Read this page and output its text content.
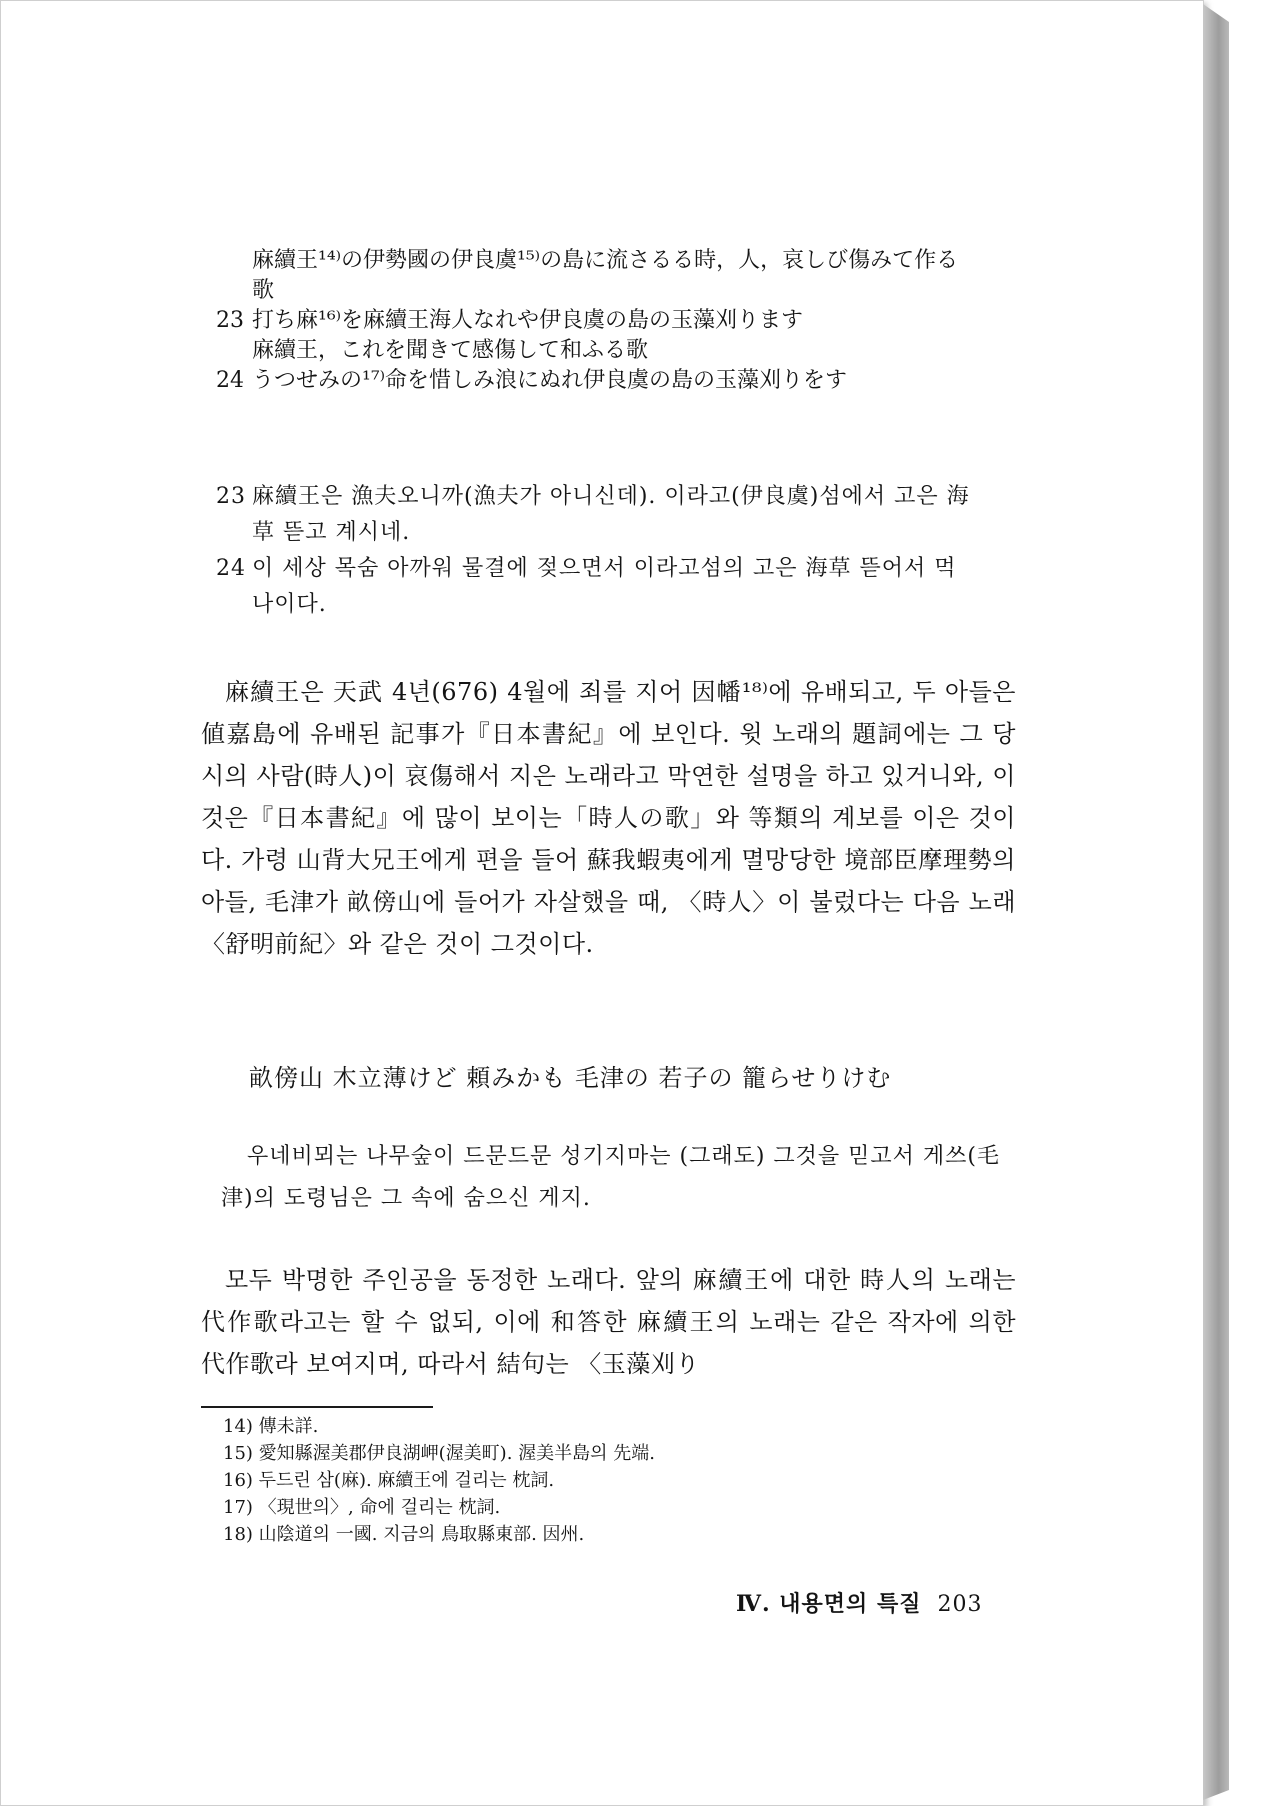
麻續王¹⁴⁾の伊勢國の伊良虞¹⁵⁾の島に流さるる時，人，哀しび傷みて作る
歌
23 打ち麻¹⁶⁾を麻續王海人なれや伊良虞の島の玉藻刈ります
麻續王，これを聞きて感傷して和ふる歌
24 うつせみの¹⁷⁾命を惜しみ浪にぬれ伊良虞の島の玉藻刈りをす
23 麻續王은 漁夫오니까(漁夫가 아니신데). 이라고(伊良虞)섬에서 고은 海
草 뜯고 계시네.
24 이 세상 목숨 아까워 물결에 젖으면서 이라고섬의 고은 海草 뜯어서 먹
나이다.
麻續王은 天武 4년(676) 4월에 죄를 지어 因幡¹⁸⁾에 유배되고, 두 아들은 値嘉島에 유배된 記事가『日本書紀』에 보인다. 윗 노래의 題詞에는 그 당시의 사람(時人)이 哀傷해서 지은 노래라고 막연한 설명을 하고 있거니와, 이것은『日本書紀』에 많이 보이는「時人の歌」와 等類의 계보를 이은 것이다. 가령 山背大兄王에게 편을 들어 蘇我蝦夷에게 멸망당한 境部臣摩理勢의 아들, 毛津가 畝傍山에 들어가 자살했을 때, 〈時人〉이 불렀다는 다음 노래〈舒明前紀〉와 같은 것이 그것이다.
畝傍山 木立薄けど 頼みかも 毛津の 若子の 籠らせりけむ
우네비뫼는 나무숲이 드문드문 성기지마는 (그래도) 그것을 믿고서 게쓰(毛津)의 도령님은 그 속에 숨으신 게지.
모두 박명한 주인공을 동정한 노래다. 앞의 麻續王에 대한 時人의 노래는 代作歌라고는 할 수 없되, 이에 和答한 麻續王의 노래는 같은 작자에 의한 代作歌라 보여지며, 따라서 結句는 〈玉藻刈り
14) 傳未詳.
15) 愛知縣渥美郡伊良湖岬(渥美町). 渥美半島의 先端.
16) 두드린 삼(麻). 麻續王에 걸리는 枕詞.
17) 〈現世의〉, 命에 걸리는 枕詞.
18) 山陰道의 一國. 지금의 鳥取縣東部. 因州.
Ⅳ. 내용면의 특질 203
